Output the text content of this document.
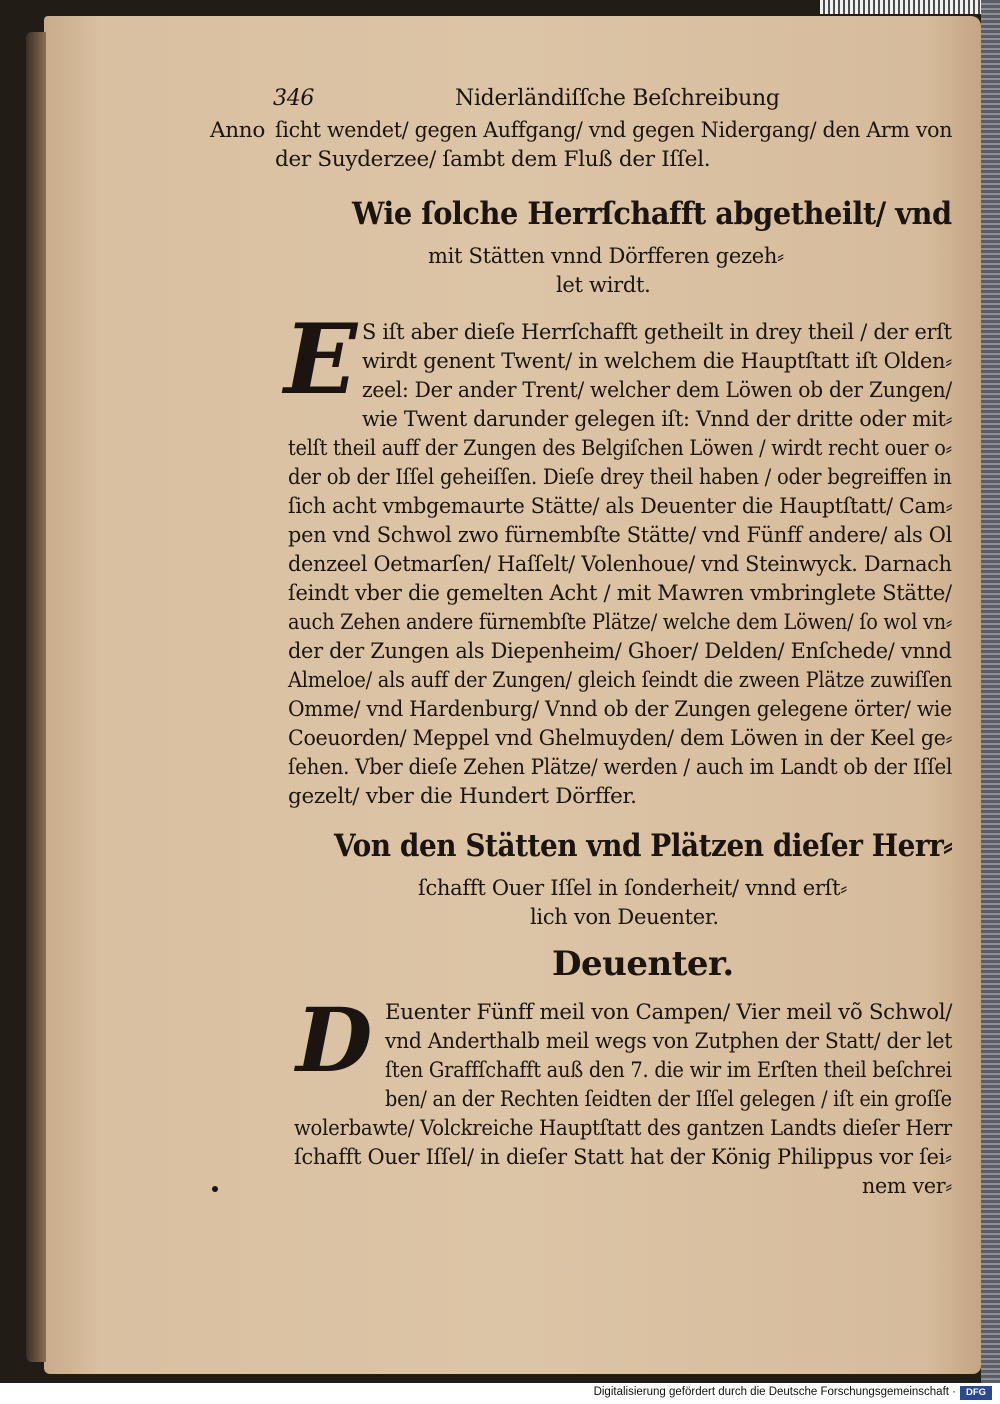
346	Niderländiſſche Beſchreibung
Anno ſicht wendet/ gegen Auffgang/ vnd gegen Nidergang/ den Arm von
der Suyderzee/ ſambt dem Fluß der Iſſel.
Wie ſolche Herrſchafft abgetheilt/ vnd
mit Stätten vnnd Dörfferen gezeh⸗
let wirdt.
E S iſt aber dieſe Herrſchafft getheilt in drey theil / der erſt
wirdt genent Twent/ in welchem die Hauptſtatt iſt Olden⸗
zeel: Der ander Trent/ welcher dem Löwen ob der Zungen/
wie Twent darunder gelegen iſt: Vnnd der dritte oder mit⸗
telſt theil auff der Zungen des Belgiſchen Löwen / wirdt recht ouer o⸗
der ob der Iſſel geheiſſen. Dieſe drey theil haben / oder begreiffen in
ſich acht vmbgemaurte Stätte/ als Deuenter die Hauptſtatt/ Cam⸗
pen vnd Schwol zwo fürnembſte Stätte/ vnd Fünff andere/ als Ol
denzeel Oetmarſen/ Haſſelt/ Volenhoue/ vnd Steinwyck. Darnach
ſeindt vber die gemelten Acht / mit Mawren vmbringlete Stätte/
auch Zehen andere fürnembſte Plätze/ welche dem Löwen/ ſo wol vn⸗
der der Zungen als Diepenheim/ Ghoer/ Delden/ Enſchede/ vnnd
Almeloe/ als auff der Zungen/ gleich ſeindt die zween Plätze zuwiſſen
Omme/ vnd Hardenburg/ Vnnd ob der Zungen gelegene örter/ wie
Coeuorden/ Meppel vnd Ghelmuyden/ dem Löwen in der Keel ge⸗
ſehen. Vber dieſe Zehen Plätze/ werden / auch im Landt ob der Iſſel
gezelt/ vber die Hundert Dörffer.
Von den Stätten vnd Plätzen dieſer Herr⸗
ſchafft Ouer Iſſel in ſonderheit/ vnnd erſt⸗
lich von Deuenter.
Deuenter.
D Euenter Fünff meil von Campen/ Vier meil võ Schwol/
vnd Anderthalb meil wegs von Zutphen der Statt/ der let
ſten Graffſchafft auß den 7. die wir im Erſten theil beſchrei
ben/ an der Rechten ſeidten der Iſſel gelegen / iſt ein groſſe
wolerbawte/ Volckreiche Hauptſtatt des gantzen Landts dieſer Herr
ſchafft Ouer Iſſel/ in dieſer Statt hat der König Philippus vor ſei⸗
nem ver⸗
Digitalisierung gefördert durch die Deutsche Forschungsgemeinschaft ·	DFG
